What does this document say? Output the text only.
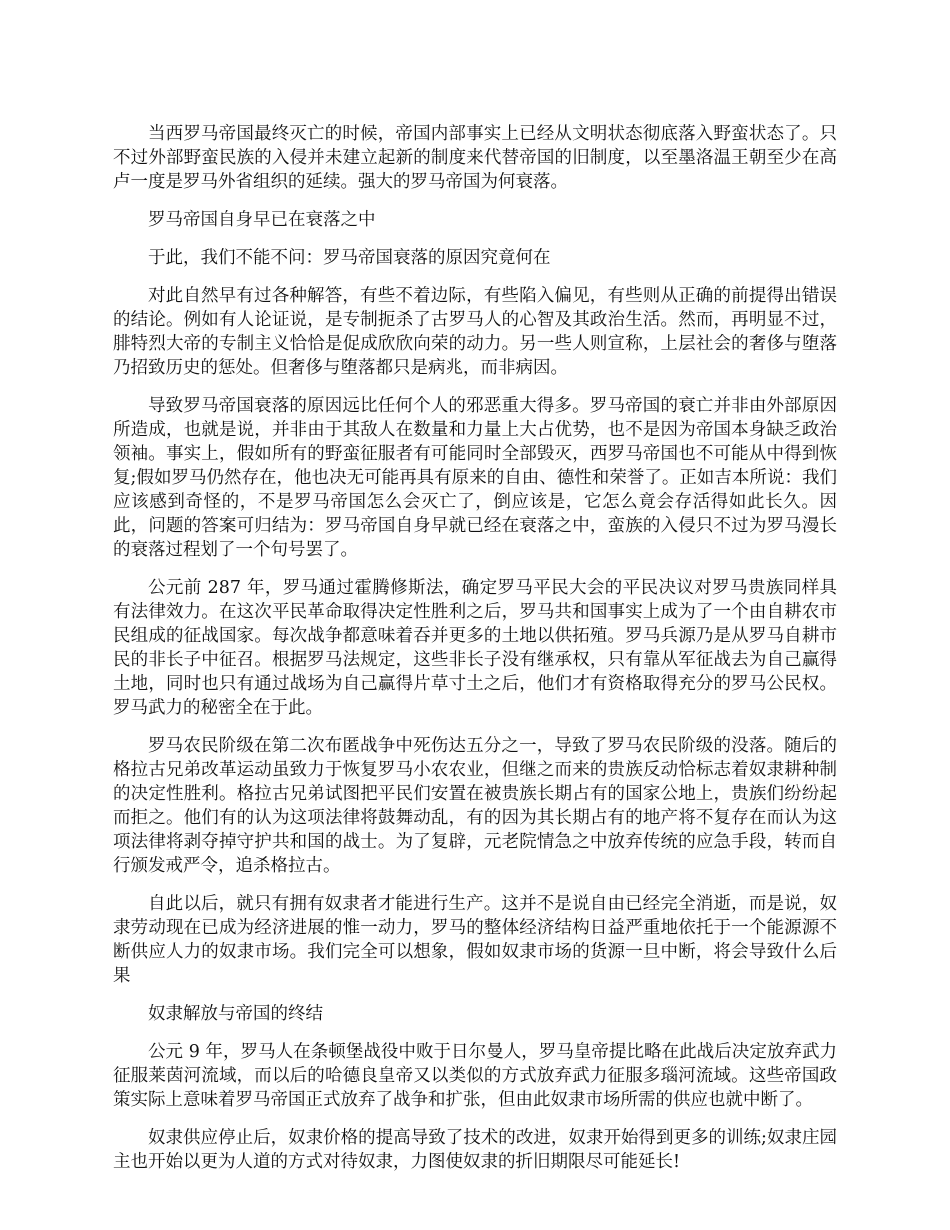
当西罗马帝国最终灭亡的时候，帝国内部事实上已经从文明状态彻底落入野蛮状态了。只不过外部野蛮民族的入侵并未建立起新的制度来代替帝国的旧制度，以至墨洛温王朝至少在高卢一度是罗马外省组织的延续。强大的罗马帝国为何衰落。

罗马帝国自身早已在衰落之中

于此，我们不能不问：罗马帝国衰落的原因究竟何在

对此自然早有过各种解答，有些不着边际，有些陷入偏见，有些则从正确的前提得出错误的结论。例如有人论证说，是专制扼杀了古罗马人的心智及其政治生活。然而，再明显不过，腓特烈大帝的专制主义恰恰是促成欣欣向荣的动力。另一些人则宣称，上层社会的奢侈与堕落乃招致历史的惩处。但奢侈与堕落都只是病兆，而非病因。

导致罗马帝国衰落的原因远比任何个人的邪恶重大得多。罗马帝国的衰亡并非由外部原因所造成，也就是说，并非由于其敌人在数量和力量上大占优势，也不是因为帝国本身缺乏政治领袖。事实上，假如所有的野蛮征服者有可能同时全部毁灭，西罗马帝国也不可能从中得到恢复;假如罗马仍然存在，他也决无可能再具有原来的自由、德性和荣誉了。正如吉本所说：我们应该感到奇怪的，不是罗马帝国怎么会灭亡了，倒应该是，它怎么竟会存活得如此长久。因此，问题的答案可归结为：罗马帝国自身早就已经在衰落之中，蛮族的入侵只不过为罗马漫长的衰落过程划了一个句号罢了。

公元前 287 年，罗马通过霍腾修斯法，确定罗马平民大会的平民决议对罗马贵族同样具有法律效力。在这次平民革命取得决定性胜利之后，罗马共和国事实上成为了一个由自耕农市民组成的征战国家。每次战争都意味着吞并更多的土地以供拓殖。罗马兵源乃是从罗马自耕市民的非长子中征召。根据罗马法规定，这些非长子没有继承权，只有靠从军征战去为自己赢得土地，同时也只有通过战场为自己赢得片草寸土之后，他们才有资格取得充分的罗马公民权。罗马武力的秘密全在于此。

罗马农民阶级在第二次布匿战争中死伤达五分之一，导致了罗马农民阶级的没落。随后的格拉古兄弟改革运动虽致力于恢复罗马小农农业，但继之而来的贵族反动恰标志着奴隶耕种制的决定性胜利。格拉古兄弟试图把平民们安置在被贵族长期占有的国家公地上，贵族们纷纷起而拒之。他们有的认为这项法律将鼓舞动乱，有的因为其长期占有的地产将不复存在而认为这项法律将剥夺掉守护共和国的战士。为了复辟，元老院情急之中放弃传统的应急手段，转而自行颁发戒严令，追杀格拉古。

自此以后，就只有拥有奴隶者才能进行生产。这并不是说自由已经完全消逝，而是说，奴隶劳动现在已成为经济进展的惟一动力，罗马的整体经济结构日益严重地依托于一个能源源不断供应人力的奴隶市场。我们完全可以想象，假如奴隶市场的货源一旦中断，将会导致什么后果

奴隶解放与帝国的终结

公元 9 年，罗马人在条顿堡战役中败于日尔曼人，罗马皇帝提比略在此战后决定放弃武力征服莱茵河流域，而以后的哈德良皇帝又以类似的方式放弃武力征服多瑙河流域。这些帝国政策实际上意味着罗马帝国正式放弃了战争和扩张，但由此奴隶市场所需的供应也就中断了。

奴隶供应停止后，奴隶价格的提高导致了技术的改进，奴隶开始得到更多的训练;奴隶庄园主也开始以更为人道的方式对待奴隶，力图使奴隶的折旧期限尽可能延长!
